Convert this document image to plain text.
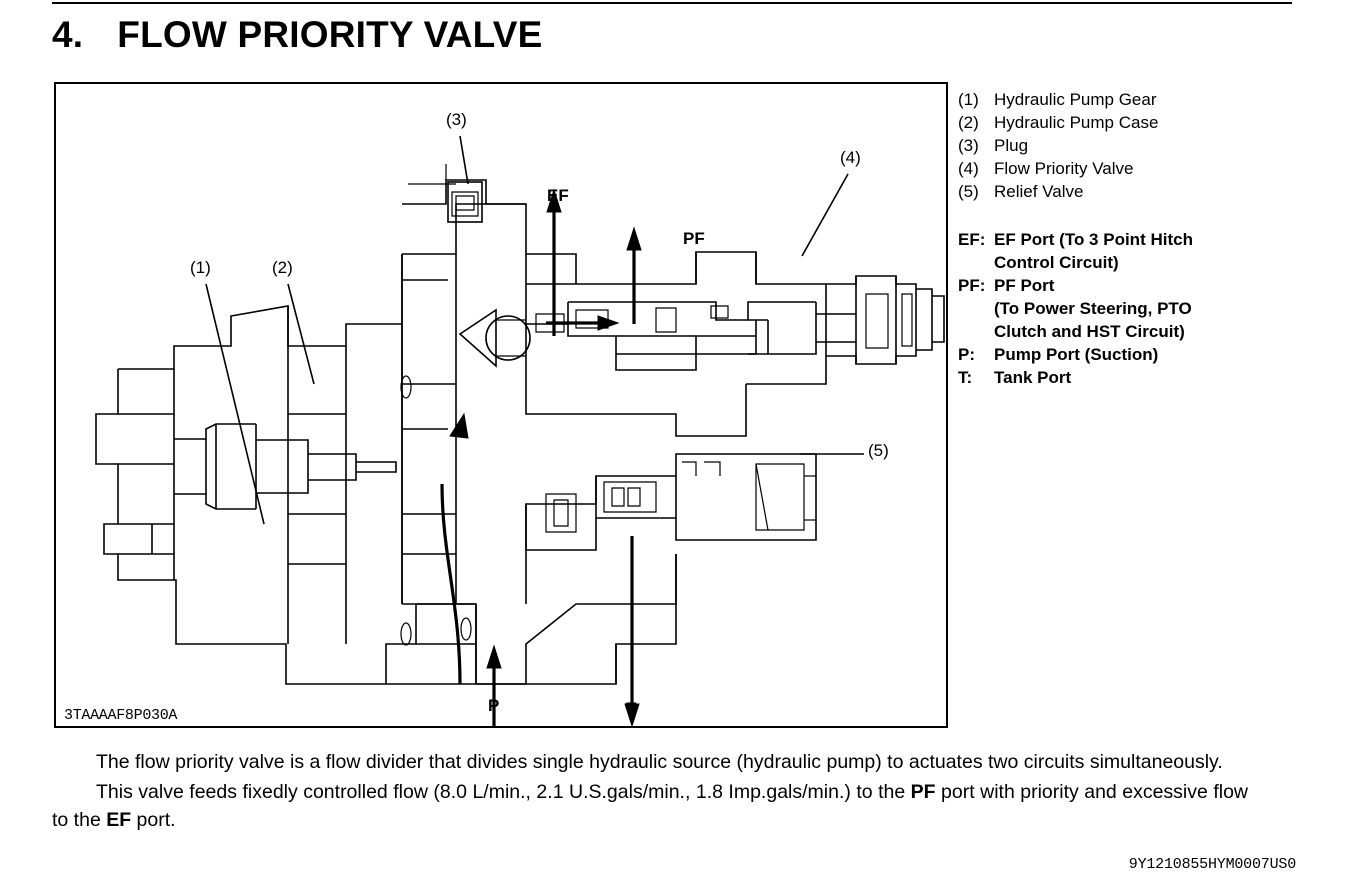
4. FLOW PRIORITY VALVE
EF
PF
P	T
(1)	(2)
(3)
(4)
(5)
3TAAAAF8P030A
(1) Hydraulic Pump Gear
(2) Hydraulic Pump Case
(3) Plug
(4) Flow Priority Valve
(5) Relief Valve
EF: EF Port (To 3 Point Hitch
Control Circuit)
PF: PF Port
(To Power Steering, PTO
Clutch and HST Circuit)
P:	Pump Port (Suction)
T:	Tank Port

The flow priority valve is a flow divider that divides single hydraulic source (hydraulic pump) to actuates two circuits simultaneously.

This valve feeds fixedly controlled flow (8.0 L/min., 2.1 U.S.gals/min., 1.8 Imp.gals/min.) to the PF port with priority and excessive flow to the EF port.

9Y1210855HYM0007US0
